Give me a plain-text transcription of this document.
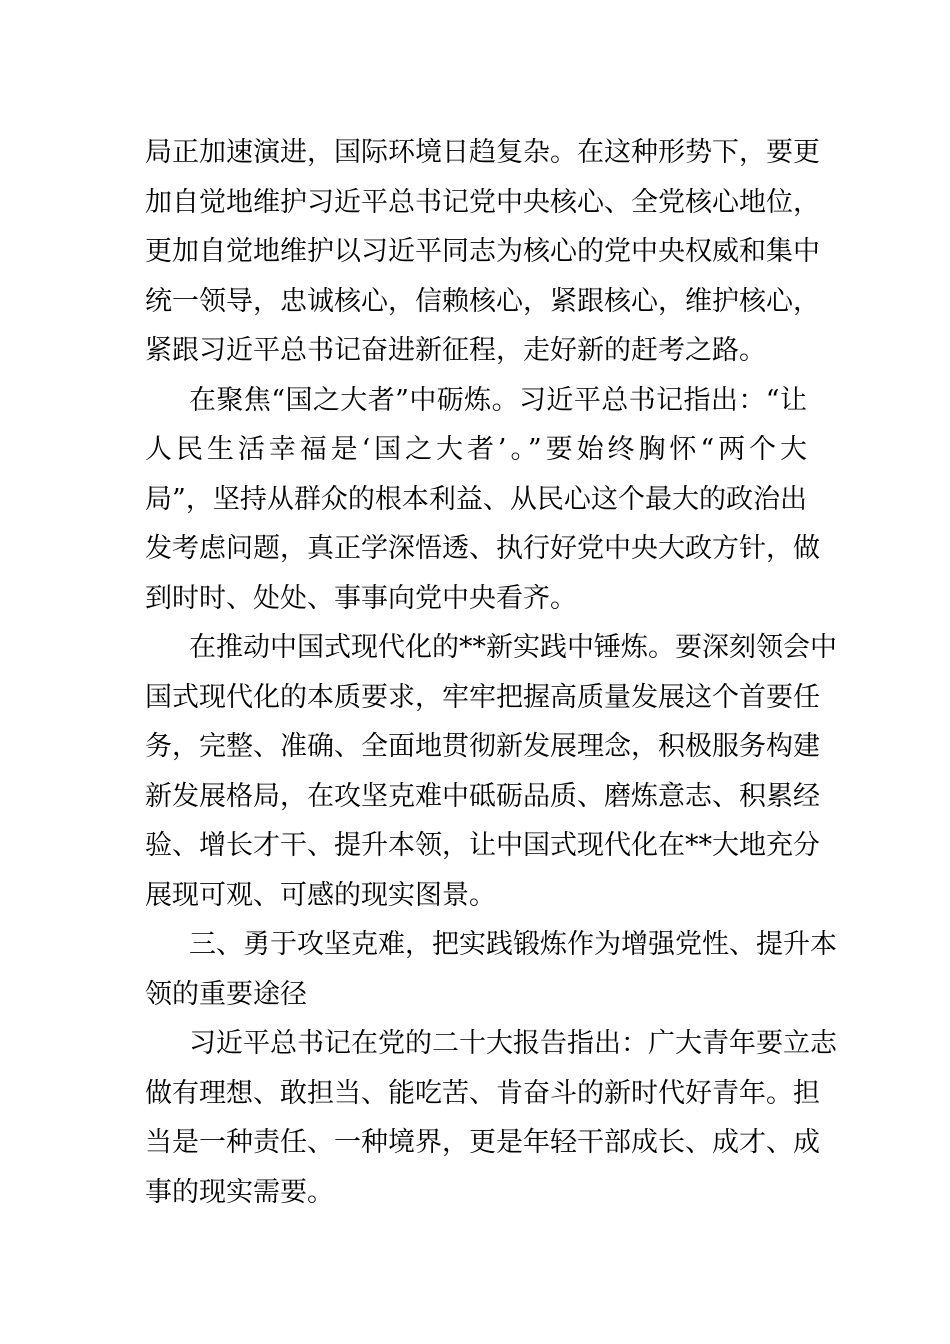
局正加速演进，国际环境日趋复杂。在这种形势下，要更
加自觉地维护习近平总书记党中央核心、全党核心地位，
更加自觉地维护以习近平同志为核心的党中央权威和集中
统一领导，忠诚核心，信赖核心，紧跟核心，维护核心，
紧跟习近平总书记奋进新征程，走好新的赶考之路。
在聚焦“国之大者”中砺炼。习近平总书记指出：“让
人民生活幸福是‘国之大者’。”要始终胸怀“两个大
局”，坚持从群众的根本利益、从民心这个最大的政治出
发考虑问题，真正学深悟透、执行好党中央大政方针，做
到时时、处处、事事向党中央看齐。
在推动中国式现代化的**新实践中锤炼。要深刻领会中
国式现代化的本质要求，牢牢把握高质量发展这个首要任
务，完整、准确、全面地贯彻新发展理念，积极服务构建
新发展格局，在攻坚克难中砥砺品质、磨炼意志、积累经
验、增长才干、提升本领，让中国式现代化在**大地充分
展现可观、可感的现实图景。
三、勇于攻坚克难，把实践锻炼作为增强党性、提升本
领的重要途径
习近平总书记在党的二十大报告指出：广大青年要立志
做有理想、敢担当、能吃苦、肯奋斗的新时代好青年。担
当是一种责任、一种境界，更是年轻干部成长、成才、成
事的现实需要。
